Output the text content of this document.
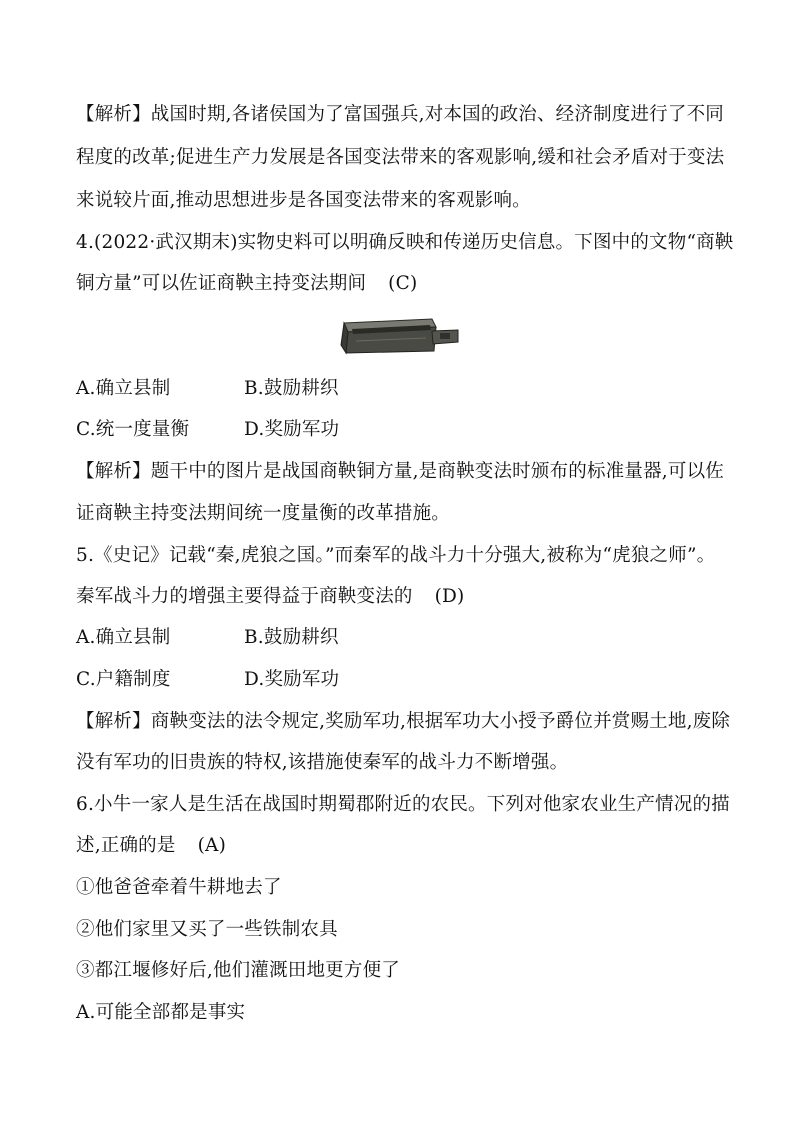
【解析】战国时期,各诸侯国为了富国强兵,对本国的政治、经济制度进行了不同
程度的改革;促进生产力发展是各国变法带来的客观影响,缓和社会矛盾对于变法
来说较片面,推动思想进步是各国变法带来的客观影响。
4.(2022·武汉期末)实物史料可以明确反映和传递历史信息。下图中的文物“商鞅
铜方量”可以佐证商鞅主持变法期间 (C)
A.确立县制	B.鼓励耕织
C.统一度量衡	D.奖励军功
【解析】题干中的图片是战国商鞅铜方量,是商鞅变法时颁布的标准量器,可以佐
证商鞅主持变法期间统一度量衡的改革措施。
5.《史记》记载“秦,虎狼之国。”而秦军的战斗力十分强大,被称为“虎狼之师”。
秦军战斗力的增强主要得益于商鞅变法的 (D)
A.确立县制	B.鼓励耕织
C.户籍制度	D.奖励军功
【解析】商鞅变法的法令规定,奖励军功,根据军功大小授予爵位并赏赐土地,废除
没有军功的旧贵族的特权,该措施使秦军的战斗力不断增强。
6.小牛一家人是生活在战国时期蜀郡附近的农民。下列对他家农业生产情况的描
述,正确的是 (A)
①他爸爸牵着牛耕地去了
②他们家里又买了一些铁制农具
③都江堰修好后,他们灌溉田地更方便了
A.可能全部都是事实
